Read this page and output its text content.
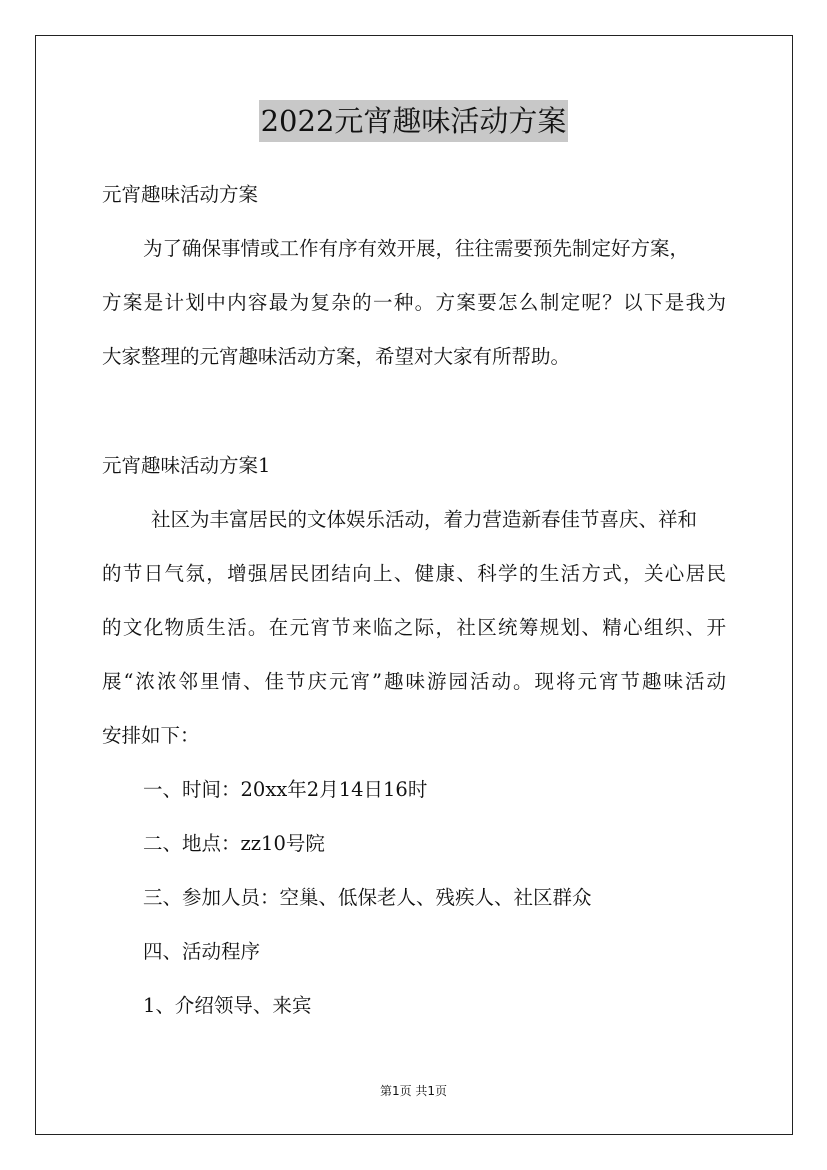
2022元宵趣味活动方案
元宵趣味活动方案
为了确保事情或工作有序有效开展，往往需要预先制定好方案，
方案是计划中内容最为复杂的一种。方案要怎么制定呢？以下是我为
大家整理的元宵趣味活动方案，希望对大家有所帮助。
元宵趣味活动方案1
社区为丰富居民的文体娱乐活动，着力营造新春佳节喜庆、祥和
的节日气氛，增强居民团结向上、健康、科学的生活方式，关心居民
的文化物质生活。在元宵节来临之际，社区统筹规划、精心组织、开
展“浓浓邻里情、佳节庆元宵”趣味游园活动。现将元宵节趣味活动
安排如下：
一、时间：20xx年2月14日16时
二、地点：zz10号院
三、参加人员：空巢、低保老人、残疾人、社区群众
四、活动程序
1、介绍领导、来宾
第1页 共1页
